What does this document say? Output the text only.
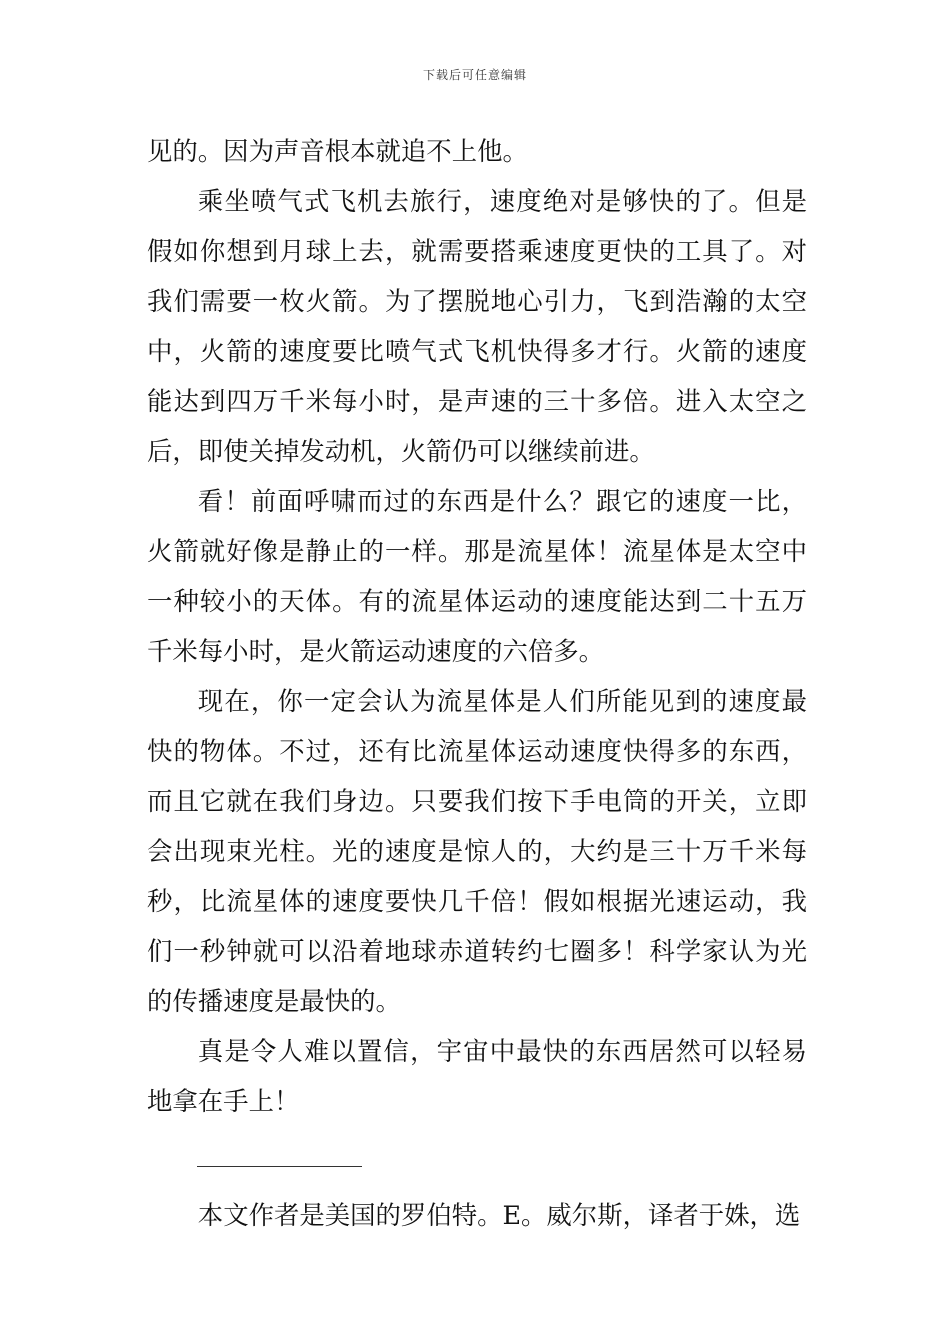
下载后可任意编辑

见的。因为声音根本就追不上他。

乘坐喷气式飞机去旅行，速度绝对是够快的了。但是假如你想到月球上去，就需要搭乘速度更快的工具了。对我们需要一枚火箭。为了摆脱地心引力，飞到浩瀚的太空中，火箭的速度要比喷气式飞机快得多才行。火箭的速度能达到四万千米每小时，是声速的三十多倍。进入太空之后，即使关掉发动机，火箭仍可以继续前进。

看！前面呼啸而过的东西是什么？跟它的速度一比，火箭就好像是静止的一样。那是流星体！流星体是太空中一种较小的天体。有的流星体运动的速度能达到二十五万千米每小时，是火箭运动速度的六倍多。

现在，你一定会认为流星体是人们所能见到的速度最快的物体。不过，还有比流星体运动速度快得多的东西，而且它就在我们身边。只要我们按下手电筒的开关，立即会出现束光柱。光的速度是惊人的，大约是三十万千米每秒，比流星体的速度要快几千倍！假如根据光速运动，我们一秒钟就可以沿着地球赤道转约七圈多！科学家认为光的传播速度是最快的。

真是令人难以置信，宇宙中最快的东西居然可以轻易地拿在手上！

本文作者是美国的罗伯特。E。威尔斯，译者于姝，选
